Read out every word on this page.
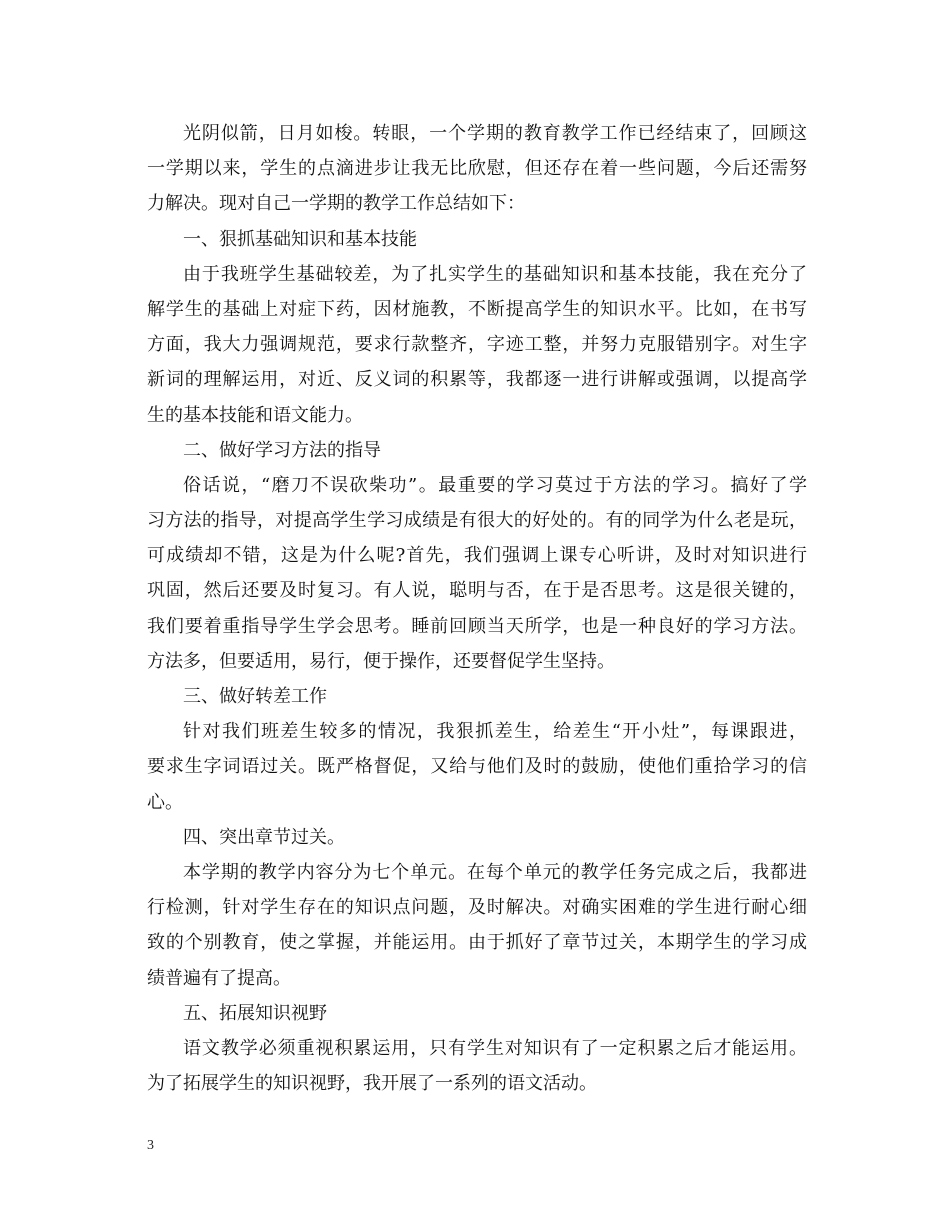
光阴似箭，日月如梭。转眼，一个学期的教育教学工作已经结束了，回顾这
一学期以来，学生的点滴进步让我无比欣慰，但还存在着一些问题，今后还需努
力解决。现对自己一学期的教学工作总结如下：
一、狠抓基础知识和基本技能
由于我班学生基础较差，为了扎实学生的基础知识和基本技能，我在充分了
解学生的基础上对症下药，因材施教，不断提高学生的知识水平。比如，在书写
方面，我大力强调规范，要求行款整齐，字迹工整，并努力克服错别字。对生字
新词的理解运用，对近、反义词的积累等，我都逐一进行讲解或强调，以提高学
生的基本技能和语文能力。
二、做好学习方法的指导
俗话说，“磨刀不误砍柴功”。最重要的学习莫过于方法的学习。搞好了学
习方法的指导，对提高学生学习成绩是有很大的好处的。有的同学为什么老是玩，
可成绩却不错，这是为什么呢?首先，我们强调上课专心听讲，及时对知识进行
巩固，然后还要及时复习。有人说，聪明与否，在于是否思考。这是很关键的，
我们要着重指导学生学会思考。睡前回顾当天所学，也是一种良好的学习方法。
方法多，但要适用，易行，便于操作，还要督促学生坚持。
三、做好转差工作
针对我们班差生较多的情况，我狠抓差生，给差生“开小灶”，每课跟进，
要求生字词语过关。既严格督促，又给与他们及时的鼓励，使他们重拾学习的信
心。
四、突出章节过关。
本学期的教学内容分为七个单元。在每个单元的教学任务完成之后，我都进
行检测，针对学生存在的知识点问题，及时解决。对确实困难的学生进行耐心细
致的个别教育，使之掌握，并能运用。由于抓好了章节过关，本期学生的学习成
绩普遍有了提高。
五、拓展知识视野
语文教学必须重视积累运用，只有学生对知识有了一定积累之后才能运用。
为了拓展学生的知识视野，我开展了一系列的语文活动。
3
